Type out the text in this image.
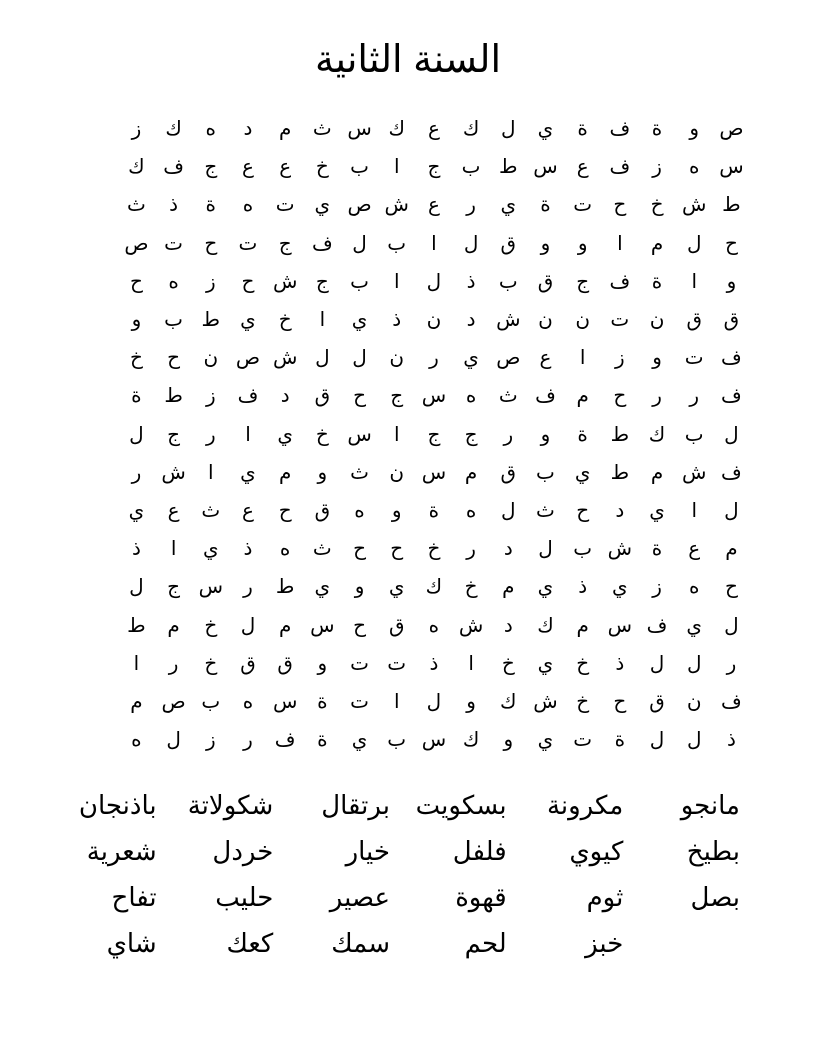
السنة الثانية
ص
و
ة
ف
ة
ي
ل
ك
ع
ك
س
ث
م
د
ه
ك
ز
س
ه
ز
ف
ع
س
ط
ب
ج
ا
ب
خ
ع
ع
ج
ف
ك
ط
ش
خ
ح
ت
ة
ي
ر
ع
ش
ص
ي
ت
ه
ة
ذ
ث
ح
ل
م
ا
و
و
ق
ل
ا
ب
ل
ف
ج
ت
ح
ت
ص
و
ا
ة
ف
ج
ق
ب
ذ
ل
ا
ب
ج
ش
ح
ز
ه
ح
ق
ق
ن
ت
ن
ن
ش
د
ن
ذ
ي
ا
خ
ي
ط
ب
و
ف
ت
و
ز
ا
ع
ص
ي
ر
ن
ل
ل
ش
ص
ن
ح
خ
ف
ر
ر
ح
م
ف
ث
ه
س
ج
ح
ق
د
ف
ز
ط
ة
ل
ب
ك
ط
ة
و
ر
ج
ج
ا
س
خ
ي
ا
ر
ج
ل
ف
ش
م
ط
ي
ب
ق
م
س
ن
ث
و
م
ي
ا
ش
ر
ل
ا
ي
د
ح
ث
ل
ه
ة
و
ه
ق
ح
ع
ث
ع
ي
م
ع
ة
ش
ب
ل
د
ر
خ
ح
ح
ث
ه
ذ
ي
ا
ذ
ح
ه
ز
ي
ذ
ي
م
خ
ك
ي
و
ي
ط
ر
س
ج
ل
ل
ي
ف
س
م
ك
د
ش
ه
ق
ح
س
م
ل
خ
م
ط
ر
ل
ل
ذ
خ
ي
خ
ا
ذ
ت
ت
و
ق
ق
خ
ر
ا
ف
ن
ق
ح
خ
ش
ك
و
ل
ا
ت
ة
س
ه
ب
ص
م
ذ
ل
ل
ة
ت
ي
و
ك
س
ب
ي
ة
ف
ر
ز
ل
ه
مانجو
مكرونة
بسكويت
برتقال
شكولاتة
باذنجان
بطيخ
كيوي
فلفل
خيار
خردل
شعرية
بصل
ثوم
قهوة
عصير
حليب
تفاح
خبز
لحم
سمك
كعك
شاي
